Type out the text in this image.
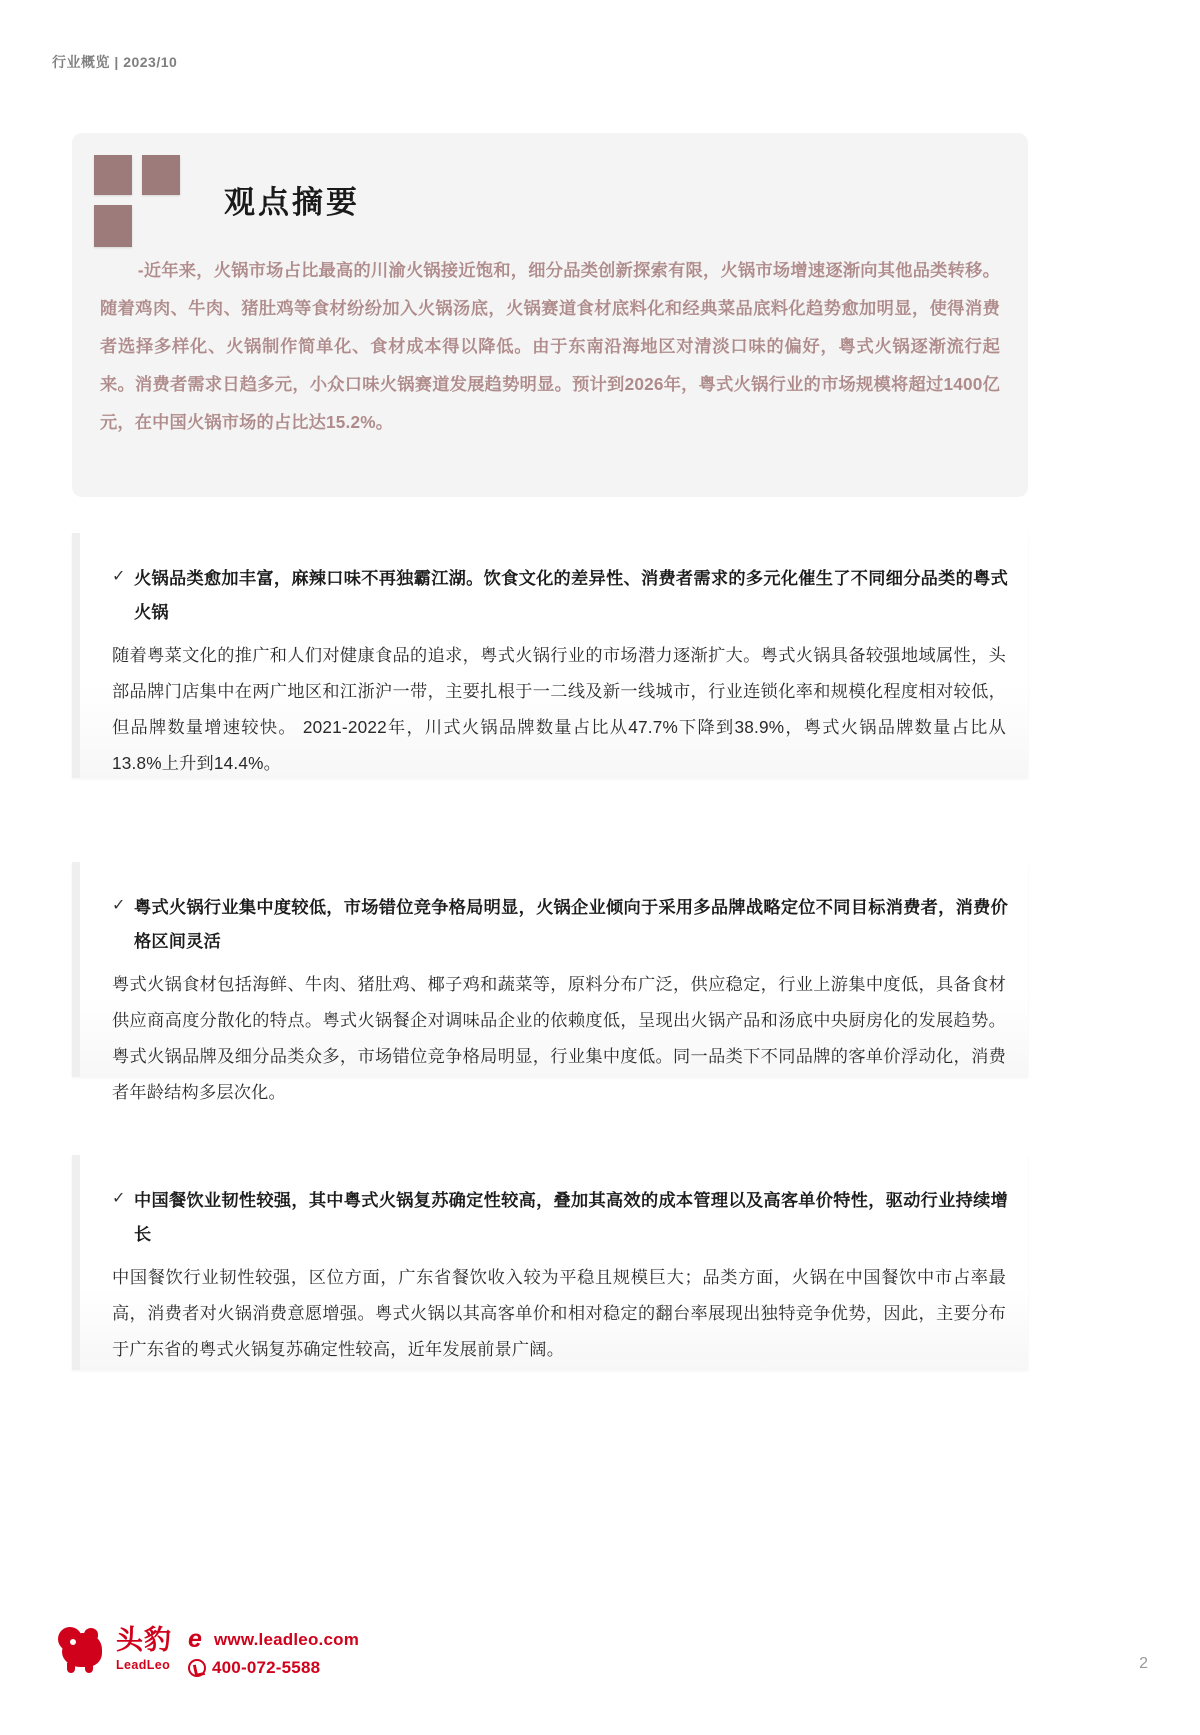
行业概览 | 2023/10
观点摘要
-近年来，火锅市场占比最高的川渝火锅接近饱和，细分品类创新探索有限，火锅市场增速逐渐向其他品类转移。随着鸡肉、牛肉、猪肚鸡等食材纷纷加入火锅汤底，火锅赛道食材底料化和经典菜品底料化趋势愈加明显，使得消费者选择多样化、火锅制作简单化、食材成本得以降低。由于东南沿海地区对清淡口味的偏好，粤式火锅逐渐流行起来。消费者需求日趋多元，小众口味火锅赛道发展趋势明显。预计到2026年，粤式火锅行业的市场规模将超过1400亿元，在中国火锅市场的占比达15.2%。
✓ 火锅品类愈加丰富，麻辣口味不再独霸江湖。饮食文化的差异性、消费者需求的多元化催生了不同细分品类的粤式火锅
随着粤菜文化的推广和人们对健康食品的追求，粤式火锅行业的市场潜力逐渐扩大。粤式火锅具备较强地域属性，头部品牌门店集中在两广地区和江浙沪一带，主要扎根于一二线及新一线城市，行业连锁化率和规模化程度相对较低，但品牌数量增速较快。 2021-2022年，川式火锅品牌数量占比从47.7%下降到38.9%，粤式火锅品牌数量占比从13.8%上升到14.4%。
✓ 粤式火锅行业集中度较低，市场错位竞争格局明显，火锅企业倾向于采用多品牌战略定位不同目标消费者，消费价格区间灵活
粤式火锅食材包括海鲜、牛肉、猪肚鸡、椰子鸡和蔬菜等，原料分布广泛，供应稳定，行业上游集中度低，具备食材供应商高度分散化的特点。粤式火锅餐企对调味品企业的依赖度低，呈现出火锅产品和汤底中央厨房化的发展趋势。粤式火锅品牌及细分品类众多，市场错位竞争格局明显，行业集中度低。同一品类下不同品牌的客单价浮动化，消费者年龄结构多层次化。
✓ 中国餐饮业韧性较强，其中粤式火锅复苏确定性较高，叠加其高效的成本管理以及高客单价特性，驱动行业持续增长
中国餐饮行业韧性较强，区位方面，广东省餐饮收入较为平稳且规模巨大；品类方面，火锅在中国餐饮中市占率最高，消费者对火锅消费意愿增强。粤式火锅以其高客单价和相对稳定的翻台率展现出独特竞争优势，因此，主要分布于广东省的粤式火锅复苏确定性较高，近年发展前景广阔。
头豹
LeadLeo
e www.leadleo.com
400-072-5588	2
